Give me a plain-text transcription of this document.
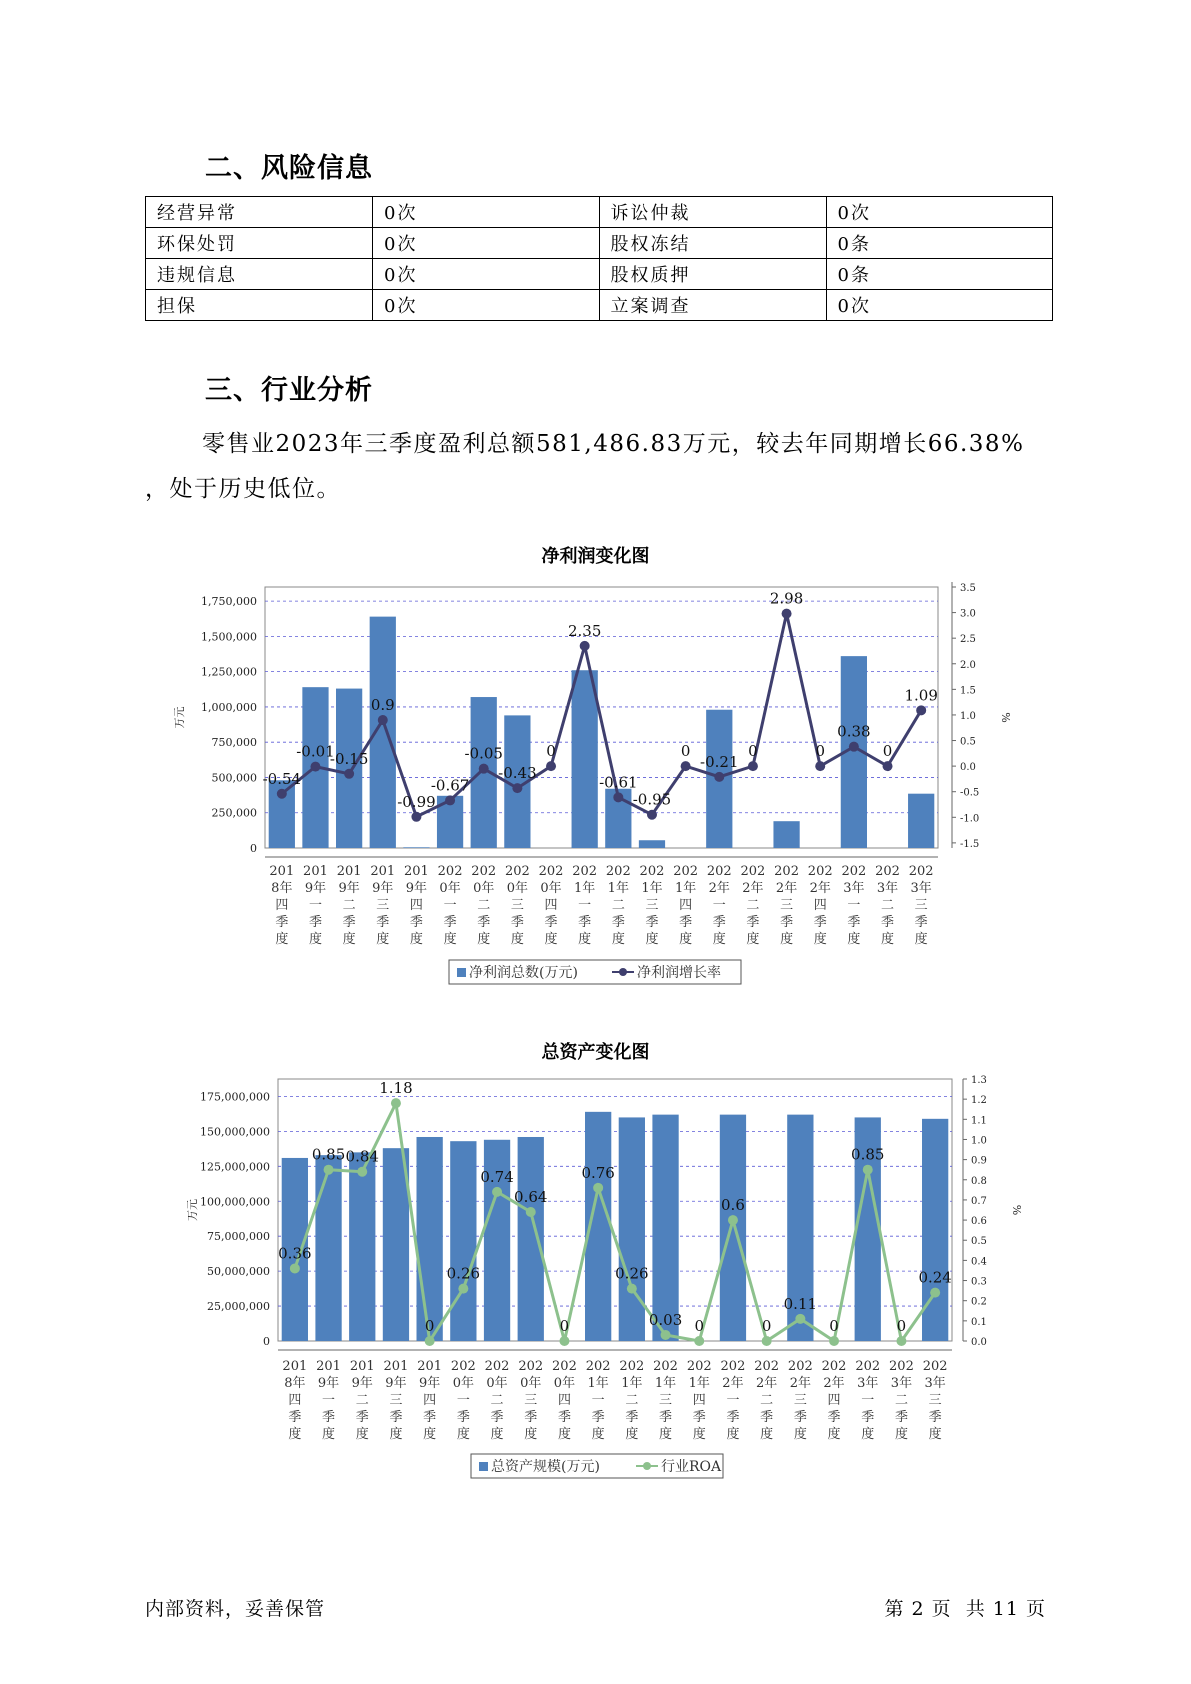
二、风险信息
经营异常	0次	诉讼仲裁	0次
环保处罚	0次	股权冻结	0条
违规信息	0次	股权质押	0条
担保	0次	立案调查	0次
三、行业分析
零售业2023年三季度盈利总额581,486.83万元，较去年同期增长66.38%
，处于历史低位。
净利润变化图
0
250,000
500,000
750,000
1,000,000
1,250,000
1,500,000
1,750,000
-1.5
-1.0
-0.5
0.0
0.5
1.0
1.5
2.0
2.5
3.0
3.5
万元	%
201
8年
四
季
度
201
9年
一
季
度
201
9年
二
季
度
201
9年
三
季
度
201
9年
四
季
度
202
0年
一
季
度
202
0年
二
季
度
202
0年
三
季
度
202
0年
四
季
度
202
1年
一
季
度
202
1年
二
季
度
202
1年
三
季
度
202
1年
四
季
度
202
2年
一
季
度
202
2年
二
季
度
202
2年
三
季
度
202
2年
四
季
度
202
3年
一
季
度
202
3年
二
季
度
202
3年
三
季
度
-0.54
-0.01
-0.15
0.9
-0.99
-0.67
-0.05
-0.43
0
2.35
-0.61
-0.95
0
-0.21
0
2.98
0
0.38
0
1.09
净利润总数(万元)	净利润增长率
总资产变化图
0
25,000,000
50,000,000
75,000,000
100,000,000
125,000,000
150,000,000
175,000,000
0.0
0.1
0.2
0.3
0.4
0.5
0.6
0.7
0.8
0.9
1.0
1.1
1.2
1.3
万元	%
201
8年
四
季
度
201
9年
一
季
度
201
9年
二
季
度
201
9年
三
季
度
201
9年
四
季
度
202
0年
一
季
度
202
0年
二
季
度
202
0年
三
季
度
202
0年
四
季
度
202
1年
一
季
度
202
1年
二
季
度
202
1年
三
季
度
202
1年
四
季
度
202
2年
一
季
度
202
2年
二
季
度
202
2年
三
季
度
202
2年
四
季
度
202
3年
一
季
度
202
3年
二
季
度
202
3年
三
季
度
0.36
0.85 0.84
1.18
0
0.26
0.74
0.64
0
0.76
0.26
0.03 0
0.6
0
0.11
0
0.85
0
0.24
总资产规模(万元)	行业ROA
内部资料，妥善保管	第 2 页  共 11 页
